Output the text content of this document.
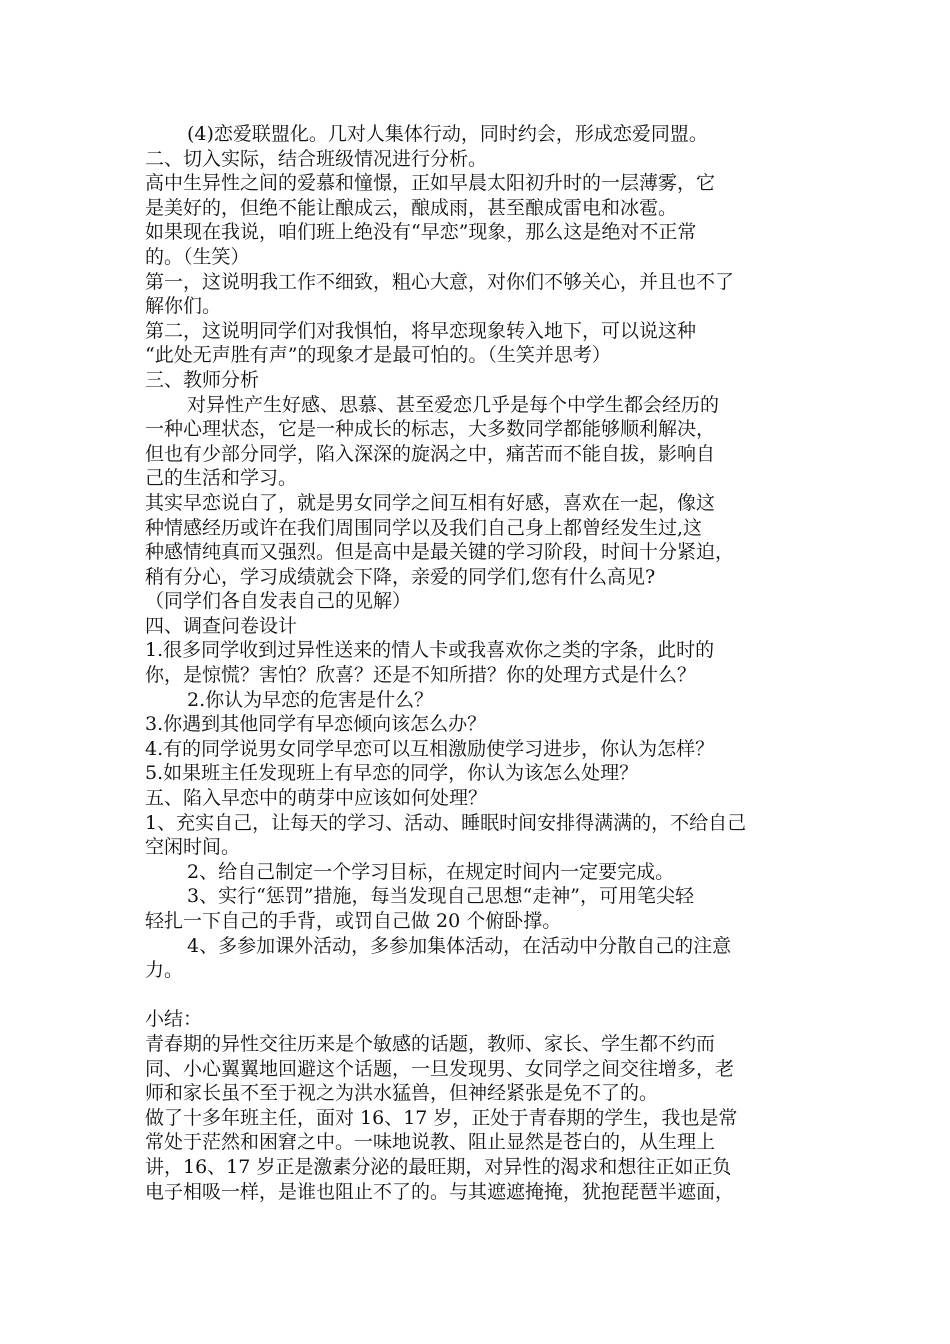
(4)恋爱联盟化。几对人集体行动，同时约会，形成恋爱同盟。
二、切入实际，结合班级情况进行分析。
高中生异性之间的爱慕和憧憬，正如早晨太阳初升时的一层薄雾，它
是美好的，但绝不能让酿成云，酿成雨，甚至酿成雷电和冰雹。
如果现在我说，咱们班上绝没有“早恋”现象，那么这是绝对不正常
的。（生笑）
第一，这说明我工作不细致，粗心大意，对你们不够关心，并且也不了
解你们。
第二，这说明同学们对我惧怕，将早恋现象转入地下，可以说这种
“此处无声胜有声”的现象才是最可怕的。（生笑并思考）
三、教师分析
对异性产生好感、思慕、甚至爱恋几乎是每个中学生都会经历的
一种心理状态，它是一种成长的标志，大多数同学都能够顺利解决，
但也有少部分同学，陷入深深的旋涡之中，痛苦而不能自拔，影响自
己的生活和学习。
其实早恋说白了，就是男女同学之间互相有好感，喜欢在一起，像这
种情感经历或许在我们周围同学以及我们自己身上都曾经发生过,这
种感情纯真而又强烈。但是高中是最关键的学习阶段，时间十分紧迫，
稍有分心，学习成绩就会下降，亲爱的同学们,您有什么高见?
（同学们各自发表自己的见解）
四、调查问卷设计
1.很多同学收到过异性送来的情人卡或我喜欢你之类的字条，此时的
你，是惊慌？害怕？欣喜？还是不知所措？你的处理方式是什么？
2.你认为早恋的危害是什么？
3.你遇到其他同学有早恋倾向该怎么办？
4.有的同学说男女同学早恋可以互相激励使学习进步，你认为怎样？
5.如果班主任发现班上有早恋的同学，你认为该怎么处理？
五、陷入早恋中的萌芽中应该如何处理？
1、充实自己，让每天的学习、活动、睡眠时间安排得满满的，不给自己
空闲时间。
2、给自己制定一个学习目标，在规定时间内一定要完成。
3、实行“惩罚”措施，每当发现自己思想“走神”，可用笔尖轻
轻扎一下自己的手背，或罚自己做 20 个俯卧撑。
4、多参加课外活动，多参加集体活动，在活动中分散自己的注意
力。
小结：
青春期的异性交往历来是个敏感的话题，教师、家长、学生都不约而
同、小心翼翼地回避这个话题，一旦发现男、女同学之间交往增多，老
师和家长虽不至于视之为洪水猛兽，但神经紧张是免不了的。
做了十多年班主任，面对 16、17 岁，正处于青春期的学生，我也是常
常处于茫然和困窘之中。一味地说教、阻止显然是苍白的，从生理上
讲，16、17 岁正是激素分泌的最旺期，对异性的渴求和想往正如正负
电子相吸一样，是谁也阻止不了的。与其遮遮掩掩，犹抱琵琶半遮面，
